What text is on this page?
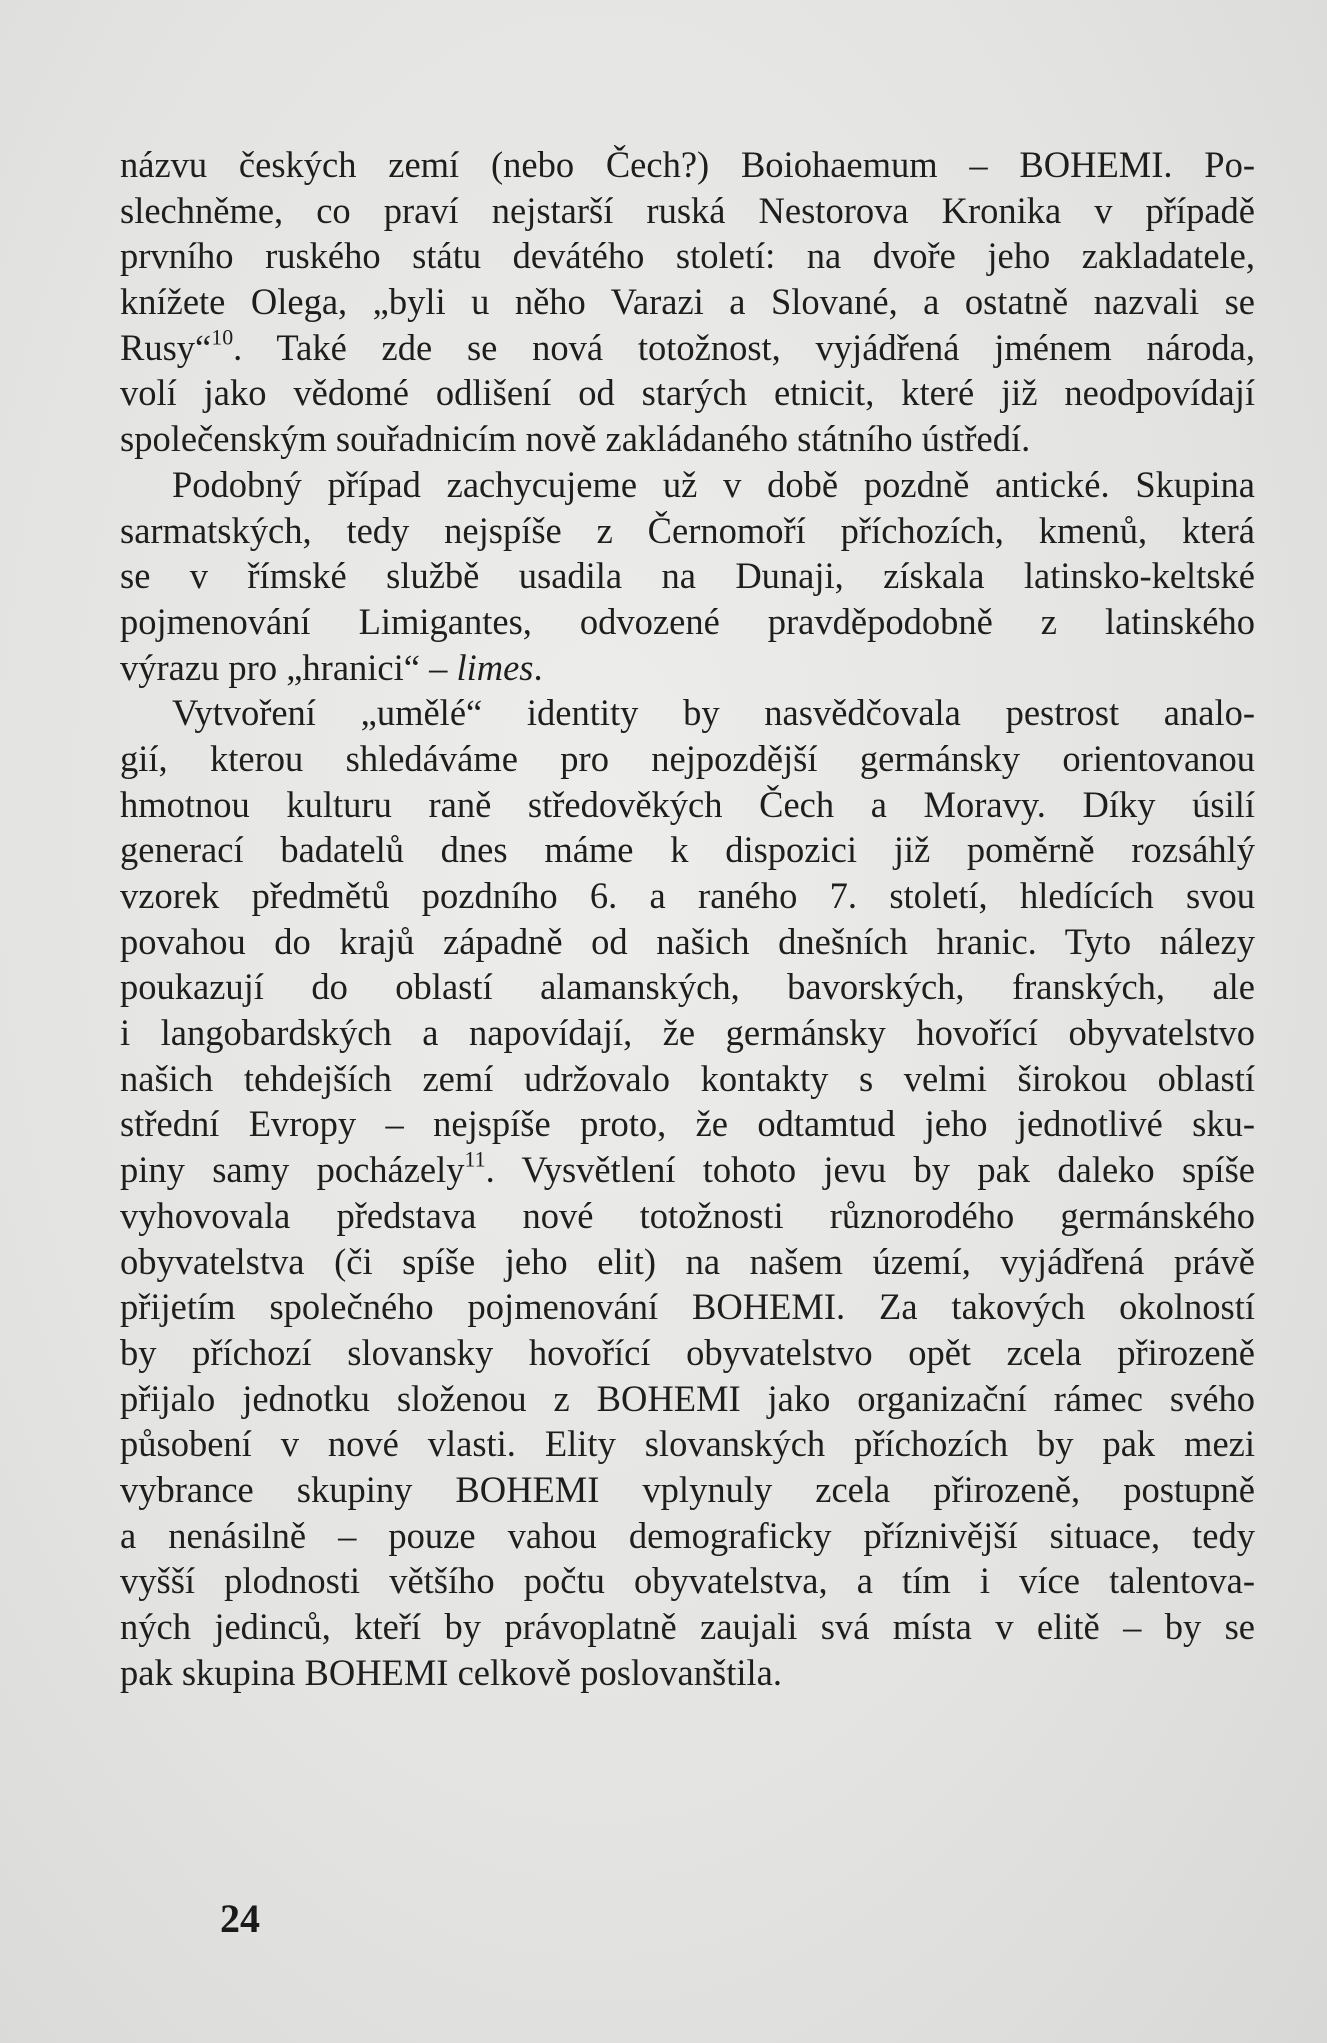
názvu českých zemí (nebo Čech?) Boiohaemum – BOHEMI. Po-
slechněme, co praví nejstarší ruská Nestorova Kronika v případě
prvního ruského státu devátého století: na dvoře jeho zakladatele,
knížete Olega, „byli u něho Varazi a Slované, a ostatně nazvali se
Rusy“$^{10}$. Také zde se nová totožnost, vyjádřená jménem národa,
volí jako vědomé odlišení od starých etnicit, které již neodpovídají
společenským souřadnicím nově zakládaného státního ústředí.
Podobný případ zachycujeme už v době pozdně antické. Skupina
sarmatských, tedy nejspíše z Černomoří příchozích, kmenů, která
se v římské službě usadila na Dunaji, získala latinsko-keltské
pojmenování Limigantes, odvozené pravděpodobně z latinského
výrazu pro „hranici“ – limes.
Vytvoření „umělé“ identity by nasvědčovala pestrost analo-
gií, kterou shledáváme pro nejpozdější germánsky orientovanou
hmotnou kulturu raně středověkých Čech a Moravy. Díky úsilí
generací badatelů dnes máme k dispozici již poměrně rozsáhlý
vzorek předmětů pozdního 6. a raného 7. století, hledících svou
povahou do krajů západně od našich dnešních hranic. Tyto nálezy
poukazují do oblastí alamanských, bavorských, franských, ale
i langobardských a napovídají, že germánsky hovořící obyvatelstvo
našich tehdejších zemí udržovalo kontakty s velmi širokou oblastí
střední Evropy – nejspíše proto, že odtamtud jeho jednotlivé sku-
piny samy pocházely$^{11}$. Vysvětlení tohoto jevu by pak daleko spíše
vyhovovala představa nové totožnosti různorodého germánského
obyvatelstva (či spíše jeho elit) na našem území, vyjádřená právě
přijetím společného pojmenování BOHEMI. Za takových okolností
by příchozí slovansky hovořící obyvatelstvo opět zcela přirozeně
přijalo jednotku složenou z BOHEMI jako organizační rámec svého
působení v nové vlasti. Elity slovanských příchozích by pak mezi
vybrance skupiny BOHEMI vplynuly zcela přirozeně, postupně
a nenásilně – pouze vahou demograficky příznivější situace, tedy
vyšší plodnosti většího počtu obyvatelstva, a tím i více talentova-
ných jedinců, kteří by právoplatně zaujali svá místa v elitě – by se
pak skupina BOHEMI celkově poslovanštila.
24
